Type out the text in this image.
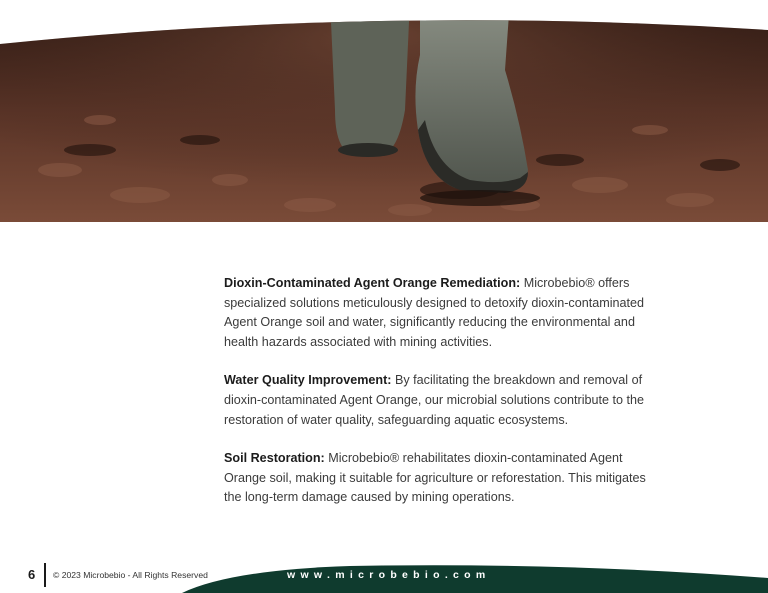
Dioxin-Contaminated Agent Orange Remediation: Microbebio® offers specialized solutions meticulously designed to detoxify dioxin-contaminated Agent Orange soil and water, significantly reducing the environmental and health hazards associated with mining activities.

Water Quality Improvement: By facilitating the breakdown and removal of dioxin-contaminated Agent Orange, our microbial solutions contribute to the restoration of water quality, safeguarding aquatic ecosystems.

Soil Restoration: Microbebio® rehabilitates dioxin-contaminated Agent Orange soil, making it suitable for agriculture or reforestation. This mitigates the long-term damage caused by mining operations.

6 © 2023 Microbebio - All Rights Reserved	www.microbebio.com
